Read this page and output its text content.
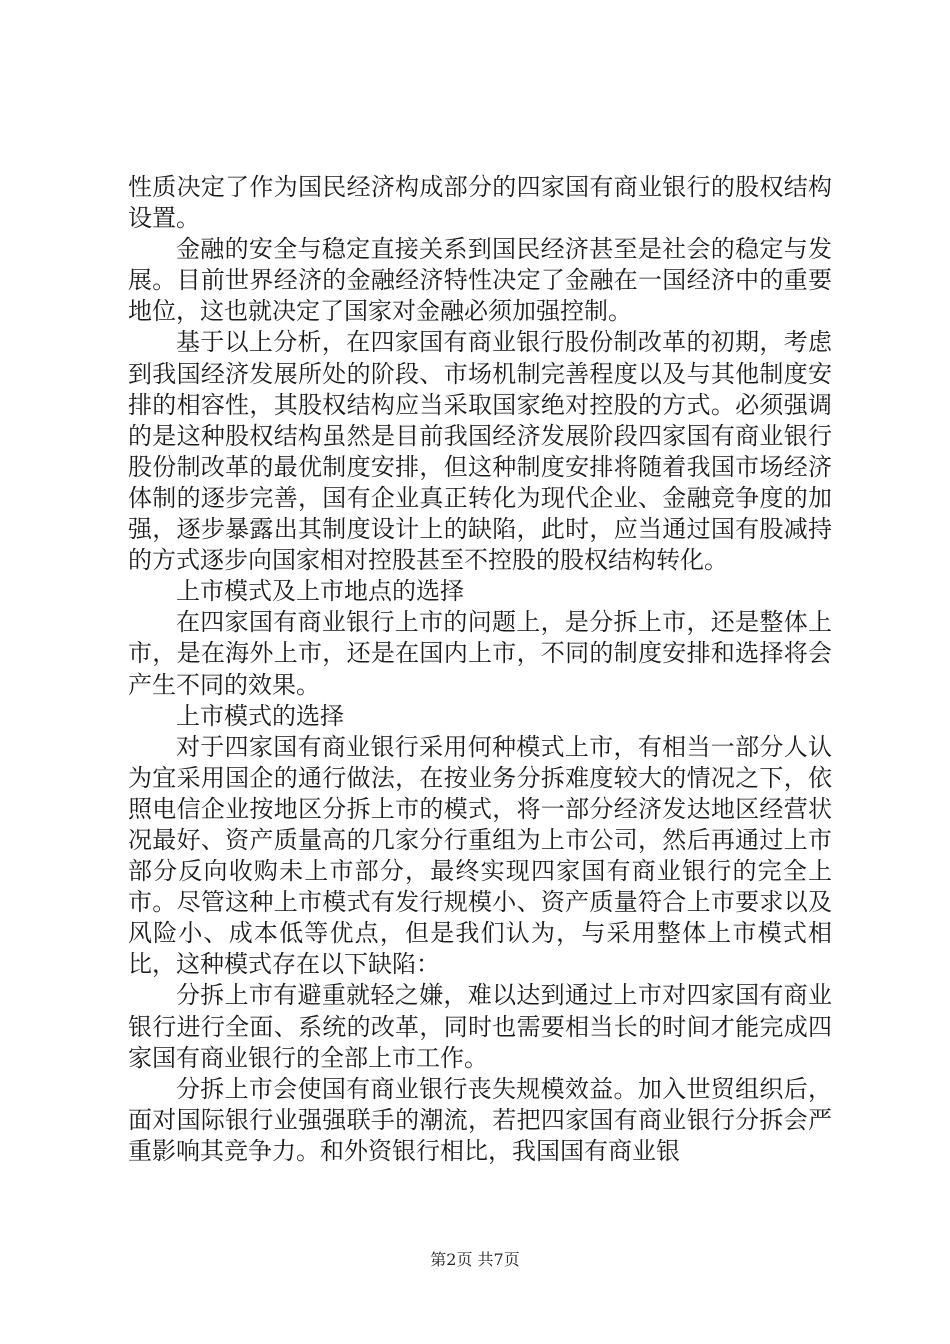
性质决定了作为国民经济构成部分的四家国有商业银行的股权结构设置。

金融的安全与稳定直接关系到国民经济甚至是社会的稳定与发展。目前世界经济的金融经济特性决定了金融在一国经济中的重要地位，这也就决定了国家对金融必须加强控制。

基于以上分析，在四家国有商业银行股份制改革的初期，考虑到我国经济发展所处的阶段、市场机制完善程度以及与其他制度安排的相容性，其股权结构应当采取国家绝对控股的方式。必须强调的是这种股权结构虽然是目前我国经济发展阶段四家国有商业银行股份制改革的最优制度安排，但这种制度安排将随着我国市场经济体制的逐步完善，国有企业真正转化为现代企业、金融竞争度的加强，逐步暴露出其制度设计上的缺陷，此时，应当通过国有股减持的方式逐步向国家相对控股甚至不控股的股权结构转化。

上市模式及上市地点的选择

在四家国有商业银行上市的问题上，是分拆上市，还是整体上市，是在海外上市，还是在国内上市，不同的制度安排和选择将会产生不同的效果。

上市模式的选择

对于四家国有商业银行采用何种模式上市，有相当一部分人认为宜采用国企的通行做法，在按业务分拆难度较大的情况之下，依照电信企业按地区分拆上市的模式，将一部分经济发达地区经营状况最好、资产质量高的几家分行重组为上市公司，然后再通过上市部分反向收购未上市部分，最终实现四家国有商业银行的完全上市。尽管这种上市模式有发行规模小、资产质量符合上市要求以及风险小、成本低等优点，但是我们认为，与采用整体上市模式相比，这种模式存在以下缺陷：

分拆上市有避重就轻之嫌，难以达到通过上市对四家国有商业银行进行全面、系统的改革，同时也需要相当长的时间才能完成四家国有商业银行的全部上市工作。

分拆上市会使国有商业银行丧失规模效益。加入世贸组织后，面对国际银行业强强联手的潮流，若把四家国有商业银行分拆会严重影响其竞争力。和外资银行相比，我国国有商业银

第2页 共7页
